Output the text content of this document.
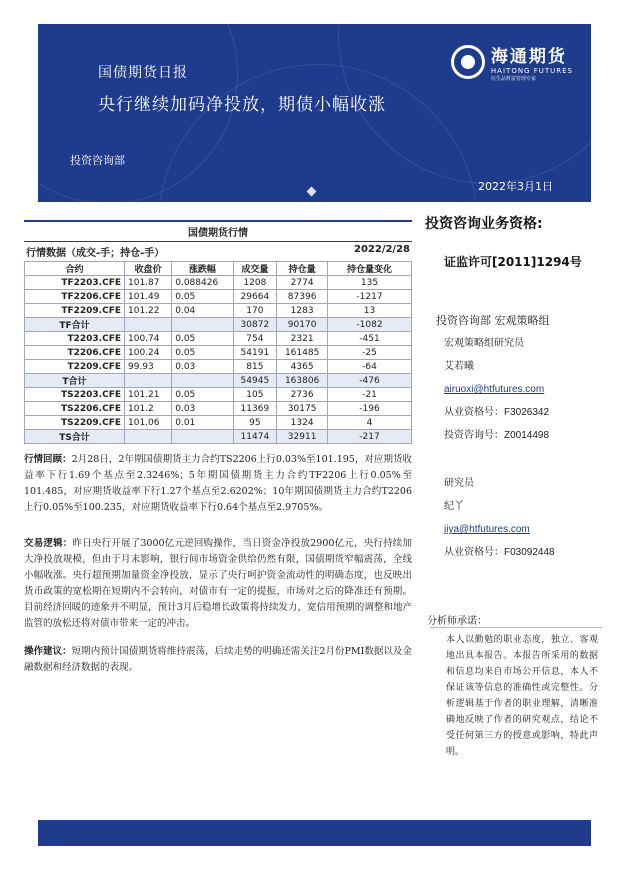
国债期货日报
央行继续加码净投放，期债小幅收涨
投资咨询部
2022年3月1日
海通期货
HAITONG FUTURES
衍生品财富管理专家
国债期货行情
行情数据（成交-手；持仓-手）	2022/2/28
合约	收盘价	涨跌幅	成交量	持仓量	持仓量变化
TF2203.CFE	101.87	0.088426	1208	2774	135
TF2206.CFE	101.49	0.05	29664	87396	-1217
TF2209.CFE	101.22	0.04	170	1283	13
TF合计			30872	90170	-1082
T2203.CFE	100.74	0.05	754	2321	-451
T2206.CFE	100.24	0.05	54191	161485	-25
T2209.CFE	99.93	0.03	815	4365	-64
T合计			54945	163806	-476
TS2203.CFE	101.21	0.05	105	2736	-21
TS2206.CFE	101.2	0.03	11369	30175	-196
TS2209.CFE	101.06	0.01	95	1324	4
TS合计			11474	32911	-217
行情回顾：2月28日，2年期国债期货主力合约TS2206上行0.03%至101.195，对应期货收益率下行1.69个基点至2.3246%；5年期国债期货主力合约TF2206上行0.05%至101.485，对应期货收益率下行1.27个基点至2.6202%；10年期国债期货主力合约T2206上行0.05%至100.235，对应期货收益率下行0.64个基点至2.9705%。
交易逻辑：昨日央行开展了3000亿元逆回购操作，当日资金净投放2900亿元，央行持续加大净投放规模，但由于月末影响，银行间市场资金供给仍然有限，国债期货窄幅震荡，全线小幅收涨。央行超预期加量资金净投放，显示了央行呵护资金流动性的明确态度，也反映出货币政策的宽松期在短期内不会转向，对债市有一定的提振，市场对之后的降准还有预期。目前经济回暖的迹象并不明显，预计3月后稳增长政策将持续发力，宽信用预期的调整和地产监管的放松还将对债市带来一定的冲击。
操作建议：短期内预计国债期货将维持震荡，后续走势的明确还需关注2月份PMI数据以及金融数据和经济数据的表现。
投资咨询业务资格:
证监许可[2011]1294号
投资咨询部 宏观策略组
宏观策略组研究员
艾若曦
airuoxi@htfutures.com
从业资格号：F3026342
投资咨询号：Z0014498
研究员
纪丫
jiya@htfutures.com
从业资格号：F03092448
分析师承诺：
本人以勤勉的职业态度，独立、客观地出具本报告。本报告所采用的数据和信息均来自市场公开信息，本人不保证该等信息的准确性或完整性。分析逻辑基于作者的职业理解，清晰准确地反映了作者的研究观点，结论不受任何第三方的授意或影响，特此声明。
